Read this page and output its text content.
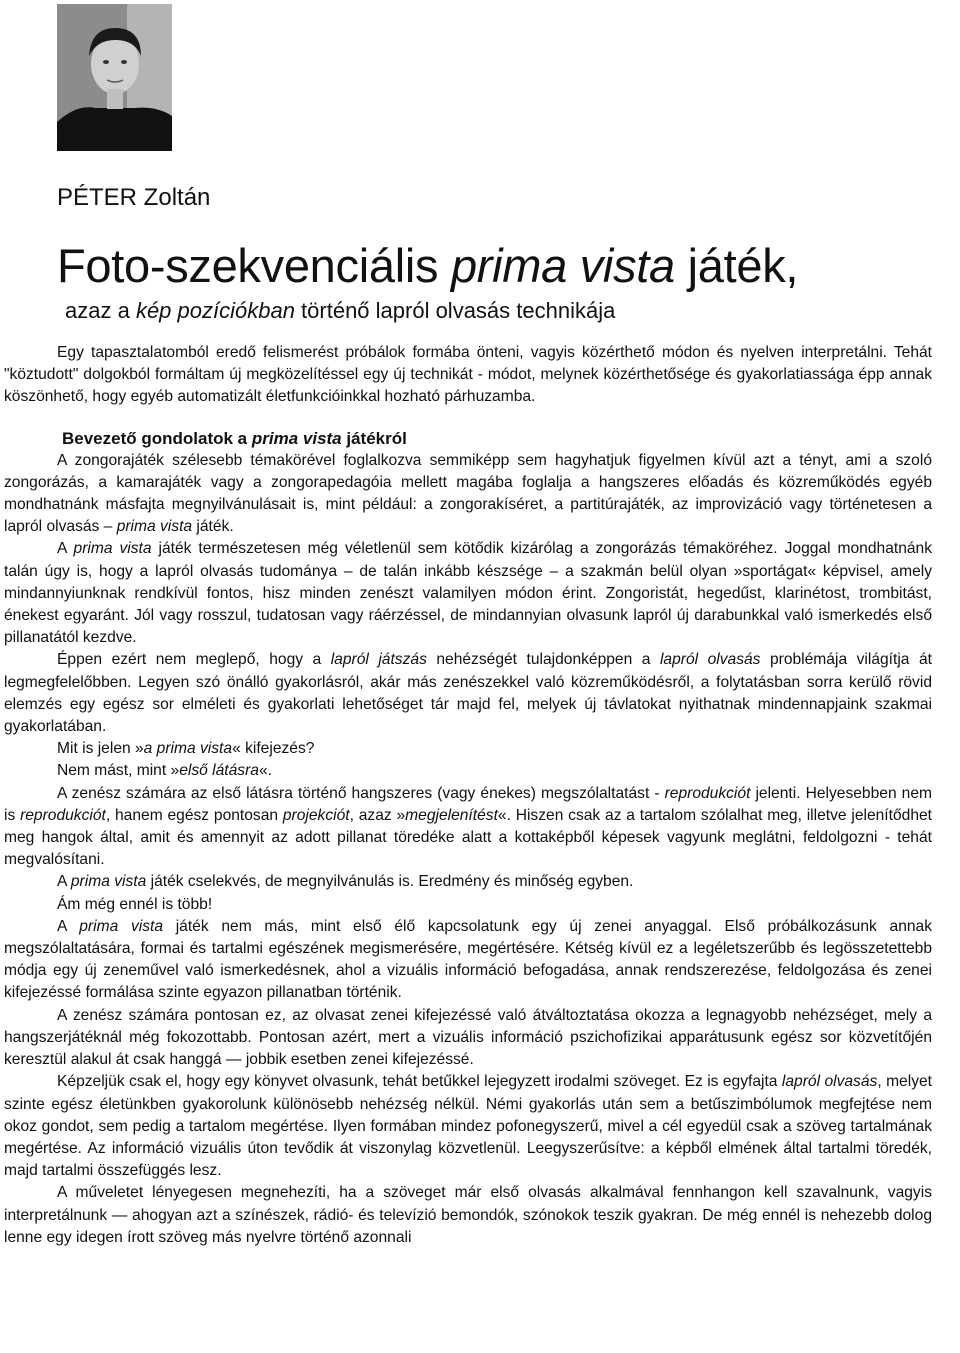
PÉTER Zoltán
Foto-szekvenciális prima vista játék,
azaz a kép pozíciókban történő lapról olvasás technikája

Egy tapasztalatomból eredő felismerést próbálok formába önteni, vagyis közérthető módon és nyelven interpretálni. Tehát "köztudott" dolgokból formáltam új megközelítéssel egy új technikát - módot, melynek közérthetősége és gyakorlatiassága épp annak köszönhető, hogy egyéb automatizált életfunkcióinkkal hozható párhuzamba.

Bevezető gondolatok a prima vista játékról

A zongorajáték szélesebb témakörével foglalkozva semmiképp sem hagyhatjuk figyelmen kívül azt a tényt, ami a szoló zongorázás, a kamarajáték vagy a zongorapedagóia mellett magába foglalja a hangszeres előadás és közreműködés egyéb mondhatnánk másfajta megnyilvánulásait is, mint például: a zongorakíséret, a partitúrajáték, az improvizáció vagy történetesen a lapról olvasás – prima vista játék.

A prima vista játék természetesen még véletlenül sem kötődik kizárólag a zongorázás témaköréhez. Joggal mondhatnánk talán úgy is, hogy a lapról olvasás tudománya – de talán inkább készsége – a szakmán belül olyan »sportágat« képvisel, amely mindannyiunknak rendkívül fontos, hisz minden zenészt valamilyen módon érint. Zongoristát, hegedűst, klarinétost, trombitást, énekest egyaránt. Jól vagy rosszul, tudatosan vagy ráérzéssel, de mindannyian olvasunk lapról új darabunkkal való ismerkedés első pillanatától kezdve.

Éppen ezért nem meglepő, hogy a lapról játszás nehézségét tulajdonképpen a lapról olvasás problémája világítja át legmegfelelőbben. Legyen szó önálló gyakorlásról, akár más zenészekkel való közreműködésről, a folytatásban sorra kerülő rövid elemzés egy egész sor elméleti és gyakorlati lehetőséget tár majd fel, melyek új távlatokat nyithatnak mindennapjaink szakmai gyakorlatában.

Mit is jelen »a prima vista« kifejezés?

Nem mást, mint »első látásra«.

A zenész számára az első látásra történő hangszeres (vagy énekes) megszólaltatást - reprodukciót jelenti. Helyesebben nem is reprodukciót, hanem egész pontosan projekciót, azaz »megjelenítést«. Hiszen csak az a tartalom szólalhat meg, illetve jelenítődhet meg hangok által, amit és amennyit az adott pillanat töredéke alatt a kottaképből képesek vagyunk meglátni, feldolgozni - tehát megvalósítani.

A prima vista játék cselekvés, de megnyilvánulás is. Eredmény és minőség egyben.

Ám még ennél is több!

A prima vista játék nem más, mint első élő kapcsolatunk egy új zenei anyaggal. Első próbálkozásunk annak megszólaltatására, formai és tartalmi egészének megismerésére, megértésére. Kétség kívül ez a legéletszerűbb és legösszetettebb módja egy új zeneművel való ismerkedésnek, ahol a vizuális információ befogadása, annak rendszerezése, feldolgozása és zenei kifejezéssé formálása szinte egyazon pillanatban történik.

A zenész számára pontosan ez, az olvasat zenei kifejezéssé való átváltoztatása okozza a legnagyobb nehézséget, mely a hangszerjátéknál még fokozottabb. Pontosan azért, mert a vizuális információ pszichofizikai apparátusunk egész sor közvetítőjén keresztül alakul át csak hanggá — jobbik esetben zenei kifejezéssé.

Képzeljük csak el, hogy egy könyvet olvasunk, tehát betűkkel lejegyzett irodalmi szöveget. Ez is egyfajta lapról olvasás, melyet szinte egész életünkben gyakorolunk különösebb nehézség nélkül. Némi gyakorlás után sem a betűszimbólumok megfejtése nem okoz gondot, sem pedig a tartalom megértése. Ilyen formában mindez pofonegyszerű, mivel a cél egyedül csak a szöveg tartalmának megértése. Az információ vizuális úton tevődik át viszonylag közvetlenül. Leegyszerűsítve: a képből elmének által tartalmi töredék, majd tartalmi összefüggés lesz.

A műveletet lényegesen megnehezíti, ha a szöveget már első olvasás alkalmával fennhangon kell szavalnunk, vagyis interpretálnunk — ahogyan azt a színészek, rádió- és televízió bemondók, szónokok teszik gyakran. De még ennél is nehezebb dolog lenne egy idegen írott szöveg más nyelvre történő azonnali
